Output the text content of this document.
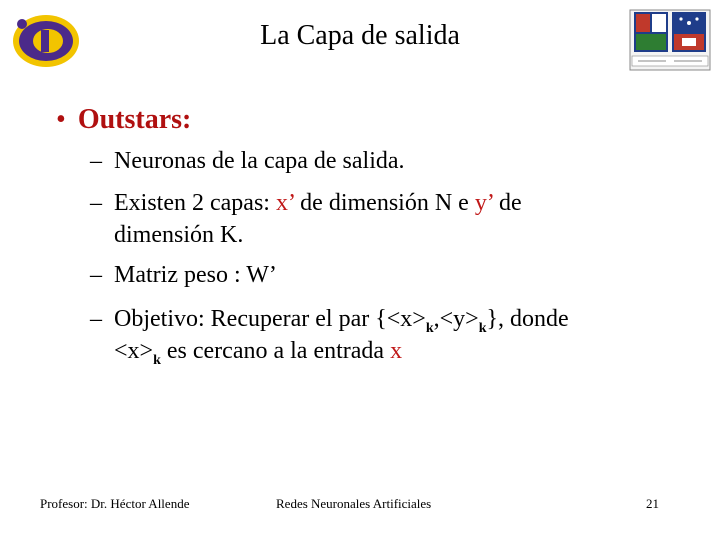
La Capa de salida
• Outstars:
– Neuronas de la capa de salida.
– Existen 2 capas: x’ de dimensión N e y’ de
dimensión K.
– Matriz peso : W’
– Objetivo: Recuperar el par $\{<x>_k,<y>_k\}$, donde
$<x>_k$ es cercano a la entrada x
Profesor: Dr. Héctor Allende	Redes Neuronales Artificiales	21
